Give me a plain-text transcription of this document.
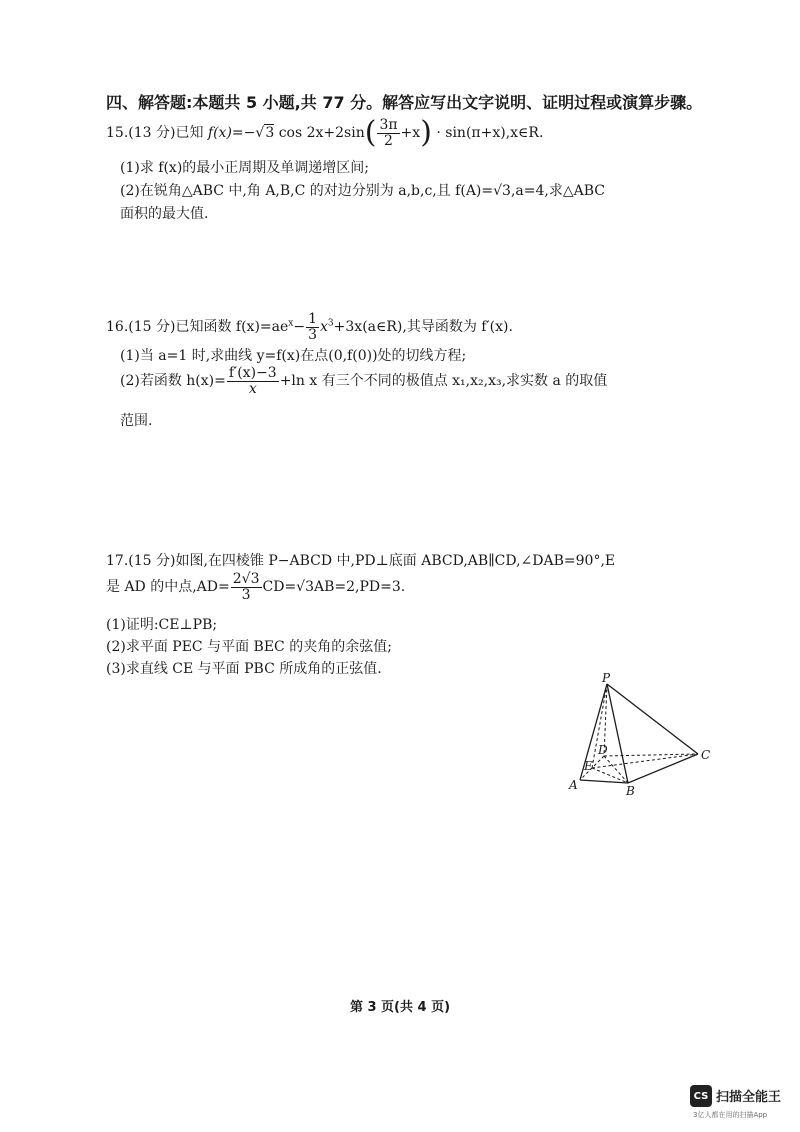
四、解答题:本题共 5 小题,共 77 分。解答应写出文字说明、证明过程或演算步骤。
15.(13 分)已知 f(x)=−√3 $\cos 2x+2\sin( \frac{3\pi}{2} +x)$ · sin(π+x),x∈R.
(1)求 f(x)的最小正周期及单调递增区间;
(2)在锐角△ABC 中,角 A,B,C 的对边分别为 a,b,c,且 f(A)=√3,a=4,求△ABC
面积的最大值.
16.(15 分)已知函数 $f(x)=ae^x- \frac{1}{3}$ $x^3+3x(a\in R)$,其导函数为 f′(x).
(1)当 a=1 时,求曲线 y=f(x)在点(0,f(0))处的切线方程;
(2)若函数 $h(x)= \frac{f'(x)-3}{x} +\ln$ x 有三个不同的极值点 x₁,x₂,x₃,求实数 a 的取值
范围.
17.(15 分)如图,在四棱锥 P−ABCD 中,PD⊥底面 ABCD,AB∥CD,∠DAB=90°,E
是 AD 的中点$,AD= \frac{2√3}{3} CD=√3AB=2,PD=3$.
(1)证明:CE⊥PB;
(2)求平面 PEC 与平面 BEC 的夹角的余弦值;
(3)求直线 CE 与平面 PBC 所成角的正弦值.
P
D
E
C
A	B
第 3 页(共 4 页)
CS 扫描全能王
3亿人都在用的扫描App
